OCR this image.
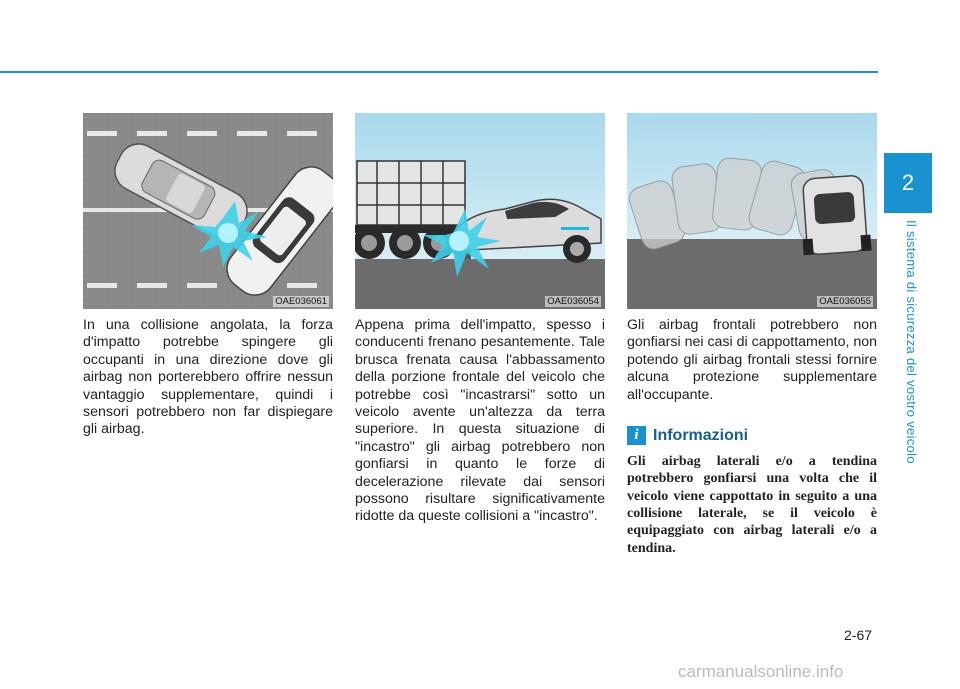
2
Il sistema di sicurezza del vostro veicolo
OAE036061
In una collisione angolata, la forza d'impatto potrebbe spingere gli occupanti in una direzione dove gli airbag non porterebbero offrire nessun vantaggio supplementare, quindi i sensori potrebbero non far dispiegare gli airbag.
OAE036054
Appena prima dell'impatto, spesso i conducenti frenano pesantemente. Tale brusca frenata causa l'abbassamento della porzione frontale del veicolo che potrebbe così "incastrarsi" sotto un veicolo avente un'altezza da terra superiore. In questa situazione di "incastro" gli airbag potrebbero non gonfiarsi in quanto le forze di decelerazione rilevate dai sensori possono risultare significativamente ridotte da queste collisioni a "incastro".
OAE036055
Gli airbag frontali potrebbero non gonfiarsi nei casi di cappottamento, non potendo gli airbag frontali stessi fornire alcuna protezione supplementare all'occupante.
i Informazioni
Gli airbag laterali e/o a tendina potrebbero gonfiarsi una volta che il veicolo viene cappottato in seguito a una collisione laterale, se il veicolo è equipaggiato con airbag laterali e/o a tendina.
2-67
carmanualsonline.info
